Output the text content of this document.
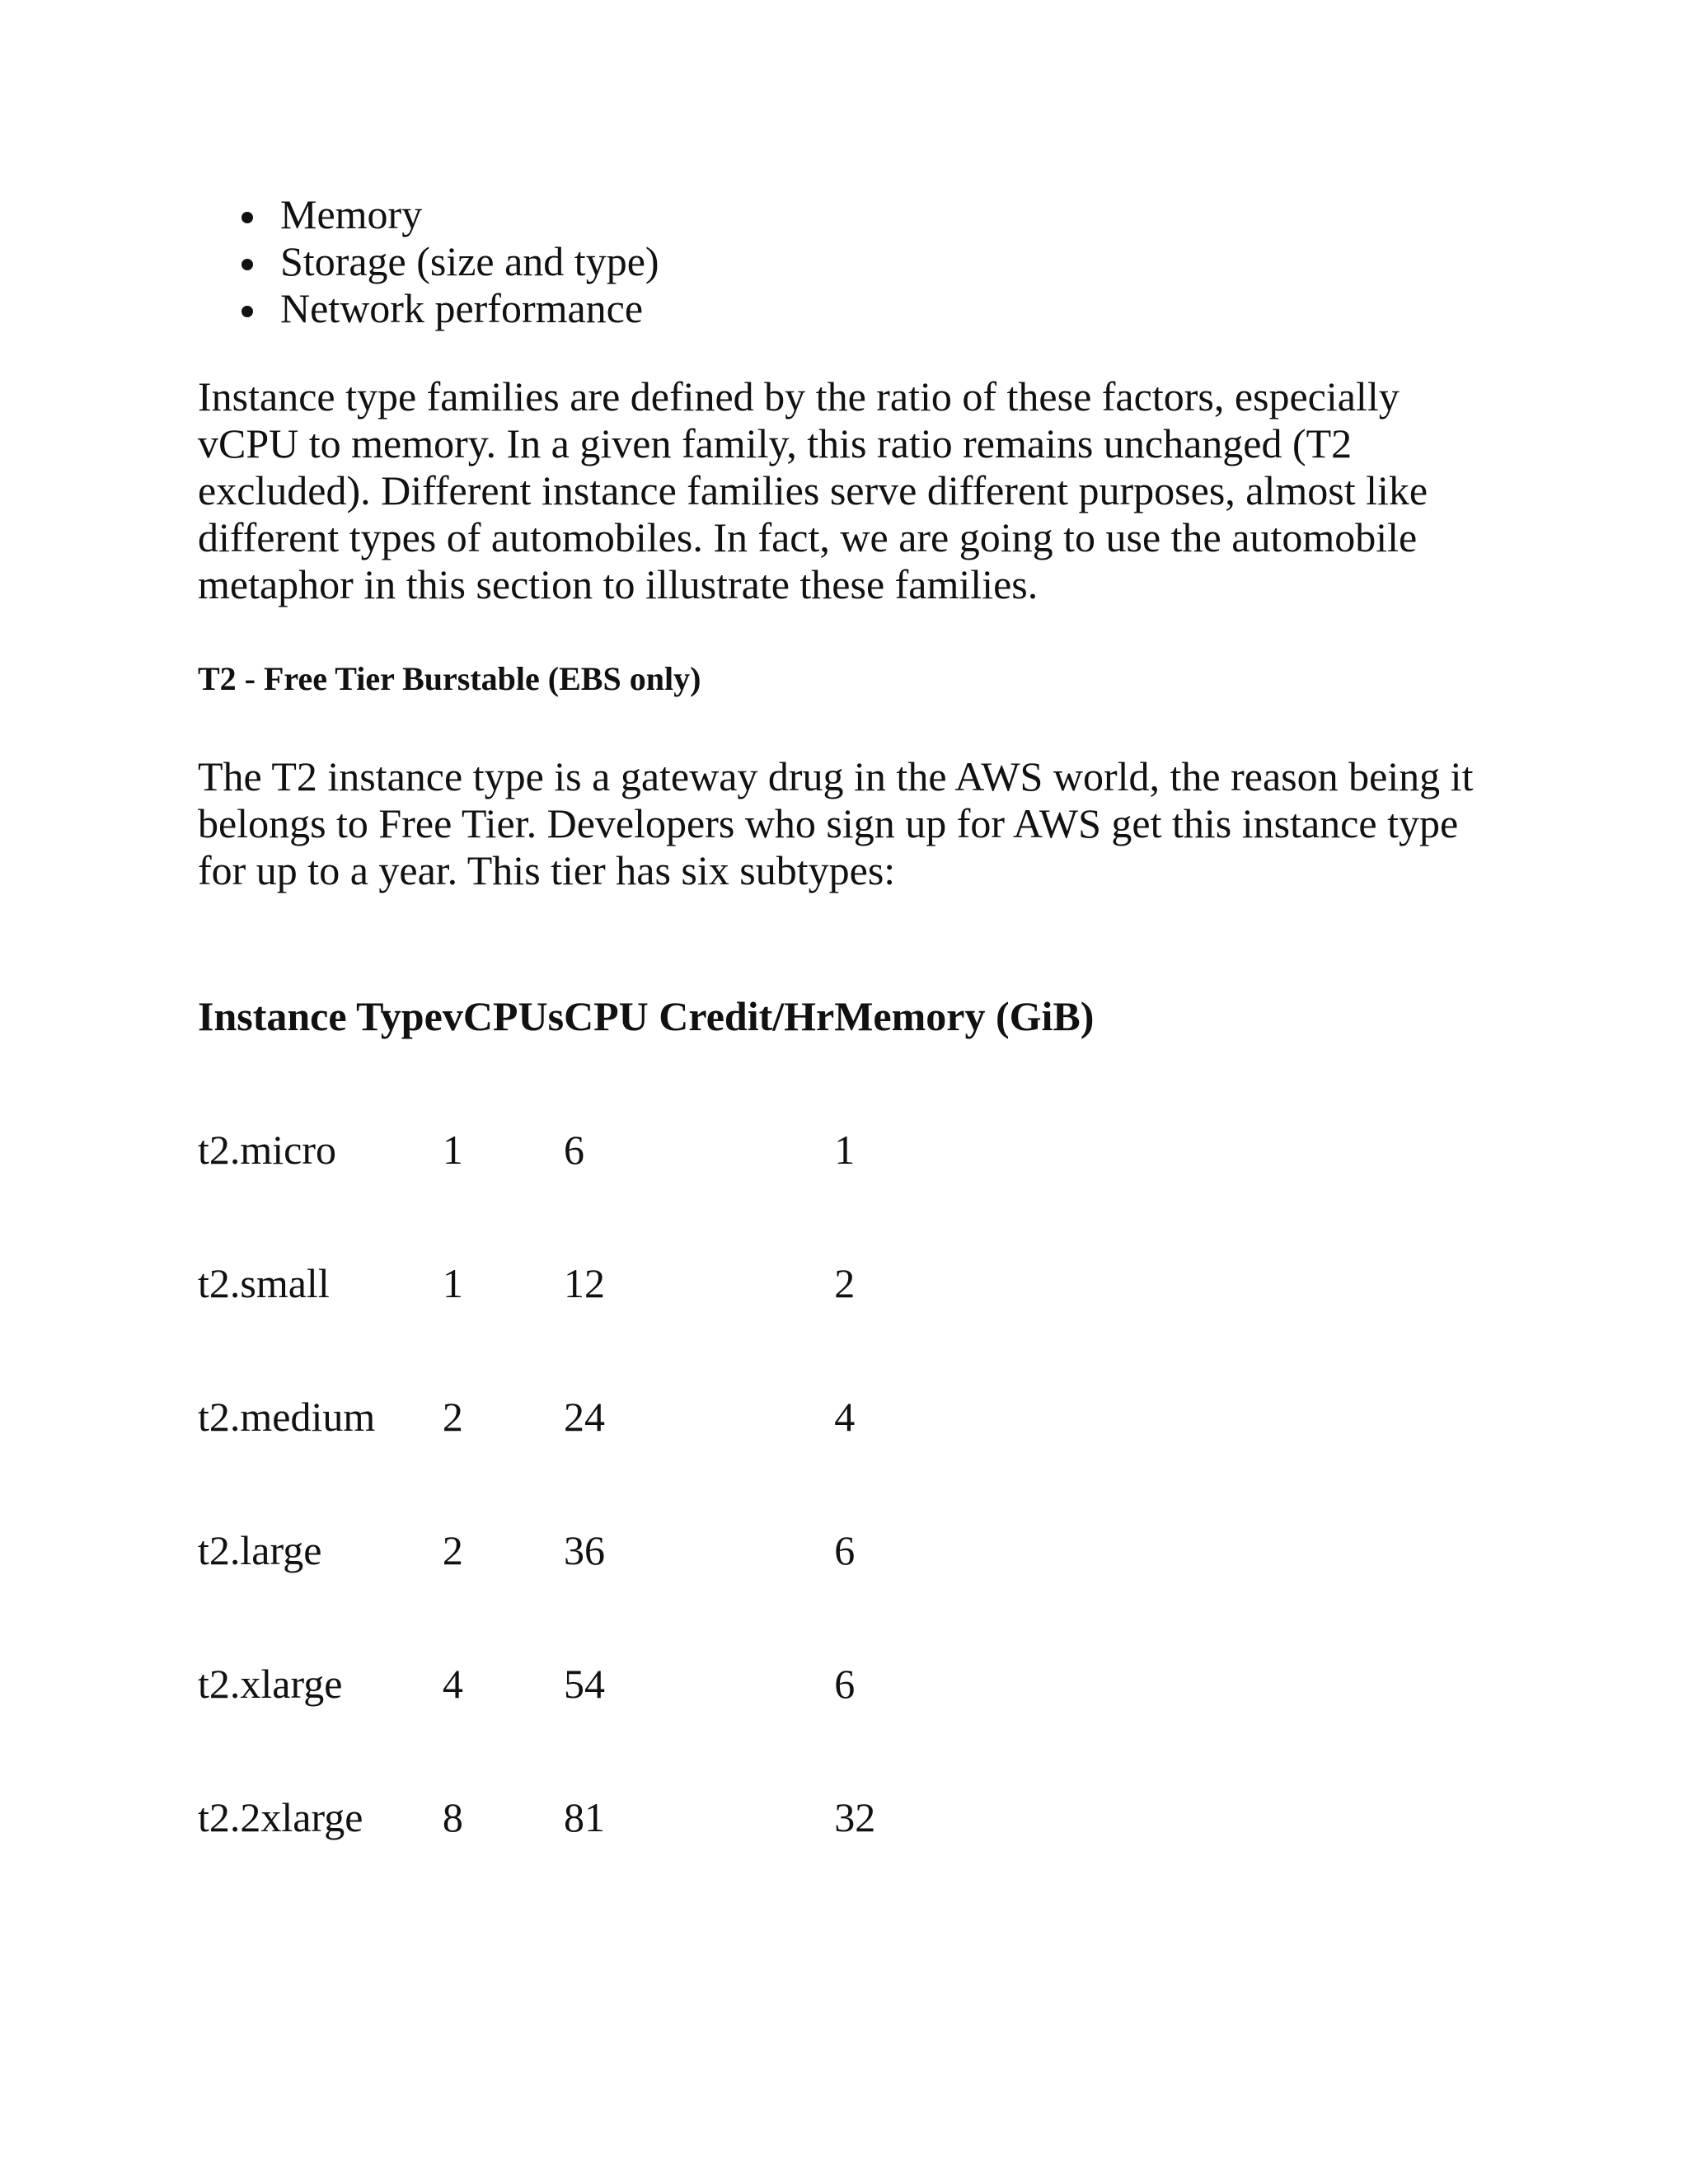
Memory
Storage (size and type)
Network performance

Instance type families are defined by the ratio of these factors, especially vCPU to memory. In a given family, this ratio remains unchanged (T2 excluded). Different instance families serve different purposes, almost like different types of automobiles. In fact, we are going to use the automobile metaphor in this section to illustrate these families.

T2 - Free Tier Burstable (EBS only)

The T2 instance type is a gateway drug in the AWS world, the reason being it belongs to Free Tier. Developers who sign up for AWS get this instance type for up to a year. This tier has six subtypes:

Instance Type	vCPUs	CPU Credit/Hr	Memory (GiB)
t2.micro	1	6	1
t2.small	1	12	2
t2.medium	2	24	4
t2.large	2	36	6
t2.xlarge	4	54	6
t2.2xlarge	8	81	32
